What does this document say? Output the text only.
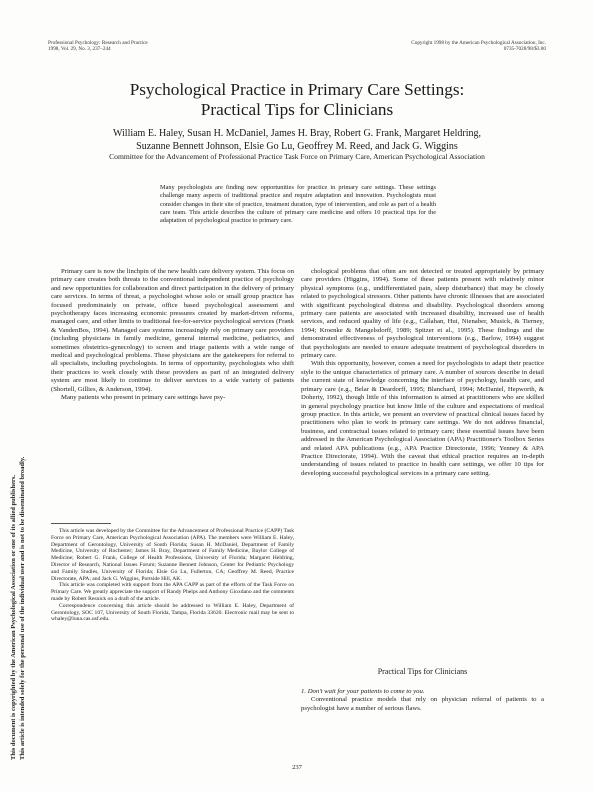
Professional Psychology: Research and Practice
1998, Vol. 29, No. 3, 237–244
Copyright 1998 by the American Psychological Association, Inc.
0735-7028/98/$3.00
Psychological Practice in Primary Care Settings:
Practical Tips for Clinicians
William E. Haley, Susan H. McDaniel, James H. Bray, Robert G. Frank, Margaret Heldring,
Suzanne Bennett Johnson, Elsie Go Lu, Geoffrey M. Reed, and Jack G. Wiggins
Committee for the Advancement of Professional Practice Task Force on Primary Care, American Psychological Association
Many psychologists are finding new opportunities for practice in primary care settings. These settings challenge many aspects of traditional practice and require adaptation and innovation. Psychologists must consider changes in their site of practice, treatment duration, type of intervention, and role as part of a health care team. This article describes the culture of primary care medicine and offers 10 practical tips for the adaptation of psychological practice to primary care.

Primary care is now the linchpin of the new health care delivery system. This focus on primary care creates both threats to the conventional independent practice of psychology and new opportunities for collaboration and direct participation in the delivery of primary care services. In terms of threat, a psychologist whose solo or small group practice has focused predominately on private, office based psychological assessment and psychotherapy faces increasing economic pressures created by market-driven reforms, managed care, and other limits to traditional fee-for-service psychological services (Frank & VandenBos, 1994). Managed care systems increasingly rely on primary care providers (including physicians in family medicine, general internal medicine, pediatrics, and sometimes obstetrics-gynecology) to screen and triage patients with a wide range of medical and psychological problems. These physicians are the gatekeepers for referral to all specialists, including psychologists. In terms of opportunity, psychologists who shift their practices to work closely with these providers as part of an integrated delivery system are most likely to continue to deliver services to a wide variety of patients (Shortell, Gillies, & Anderson, 1994).

Many patients who present in primary care settings have psy-

This article was developed by the Committee for the Advancement of Professional Practice (CAPP) Task Force on Primary Care, American Psychological Association (APA). The members were William E. Haley, Department of Gerontology, University of South Florida; Susan H. McDaniel, Department of Family Medicine, University of Rochester; James H. Bray, Department of Family Medicine, Baylor College of Medicine; Robert G. Frank, College of Health Professions, University of Florida; Margaret Heldring, Director of Research, National Issues Forum; Suzanne Bennett Johnson, Center for Pediatric Psychology and Family Studies, University of Florida; Elsie Go Lu, Fullerton, CA; Geoffrey M. Reed, Practice Directorate, APA; and Jack G. Wiggins, Portside Hill, AK.

This article was completed with support from the APA CAPP as part of the efforts of the Task Force on Primary Care. We greatly appreciate the support of Randy Phelps and Anthony Gioxdano and the comments made by Robert Resnick on a draft of the article.

Correspondence concerning this article should be addressed to William E. Haley, Department of Gerontology, SOC 107, University of South Florida, Tampa, Florida 33620. Electronic mail may be sent to whaley@luna.cas.usf.edu.

chological problems that often are not detected or treated appropriately by primary care providers (Higgins, 1994). Some of these patients present with relatively minor physical symptoms (e.g., undifferentiated pain, sleep disturbance) that may be closely related to psychological stressors. Other patients have chronic illnesses that are associated with significant psychological distress and disability. Psychological disorders among primary care patients are associated with increased disability, increased use of health services, and reduced quality of life (e.g., Callahan, Hui, Nienaber, Musick, & Tierney, 1994; Kroenke & Mangelsdorff, 1989; Spitzer et al., 1995). These findings and the demonstrated effectiveness of psychological interventions (e.g., Barlow, 1994) suggest that psychologists are needed to ensure adequate treatment of psychological disorders in primary care.

With this opportunity, however, comes a need for psychologists to adapt their practice style to the unique characteristics of primary care. A number of sources describe in detail the current state of knowledge concerning the interface of psychology, health care, and primary care (e.g., Belar & Deardorff, 1995; Blanchard, 1994; McDaniel, Hepworth, & Doherty, 1992), though little of this information is aimed at practitioners who are skilled in general psychology practice but know little of the culture and expectations of medical group practice. In this article, we present an overview of practical clinical issues faced by practitioners who plan to work in primary care settings. We do not address financial, business, and contractual issues related to primary care; these essential issues have been addressed in the American Psychological Association (APA) Practitioner's Toolbox Series and related APA publications (e.g., APA Practice Directorate, 1996; Yenney & APA Practice Directorate, 1994). With the caveat that ethical practice requires an in-depth understanding of issues related to practice in health care settings, we offer 10 tips for developing successful psychological services in a primary care setting.

Practical Tips for Clinicians

1. Don't wait for your patients to come to you.

Conventional practice models that rely on physician referral of patients to a psychologist have a number of serious flaws.

237
This document is copyrighted by the American Psychological Association or one of its allied publishers. This article is intended solely for the personal use of the individual user and is not to be disseminated broadly.
